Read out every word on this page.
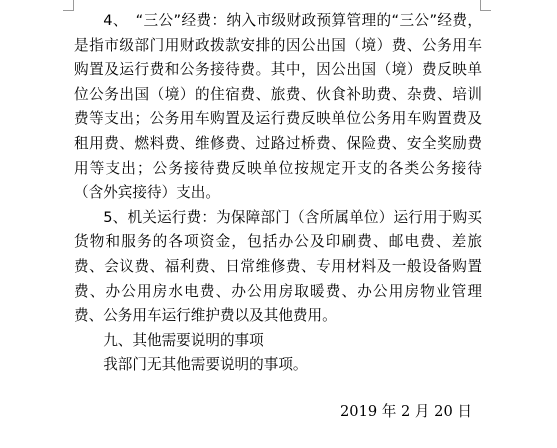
4、　“三公”经费：纳入市级财政预算管理的“三公”经费，是指市级部门用财政拨款安排的因公出国（境）费、公务用车购置及运行费和公务接待费。其中，因公出国（境）费反映单位公务出国（境）的住宿费、旅费、伙食补助费、杂费、培训费等支出；公务用车购置及运行费反映单位公务用车购置费及租用费、燃料费、维修费、过路过桥费、保险费、安全奖励费用等支出；公务接待费反映单位按规定开支的各类公务接待（含外宾接待）支出。

5、机关运行费：为保障部门（含所属单位）运行用于购买货物和服务的各项资金，包括办公及印刷费、邮电费、差旅费、会议费、福利费、日常维修费、专用材料及一般设备购置费、办公用房水电费、办公用房取暖费、办公用房物业管理费、公务用车运行维护费以及其他费用。

九、其他需要说明的事项

我部门无其他需要说明的事项。

2019 年 2 月 20 日
